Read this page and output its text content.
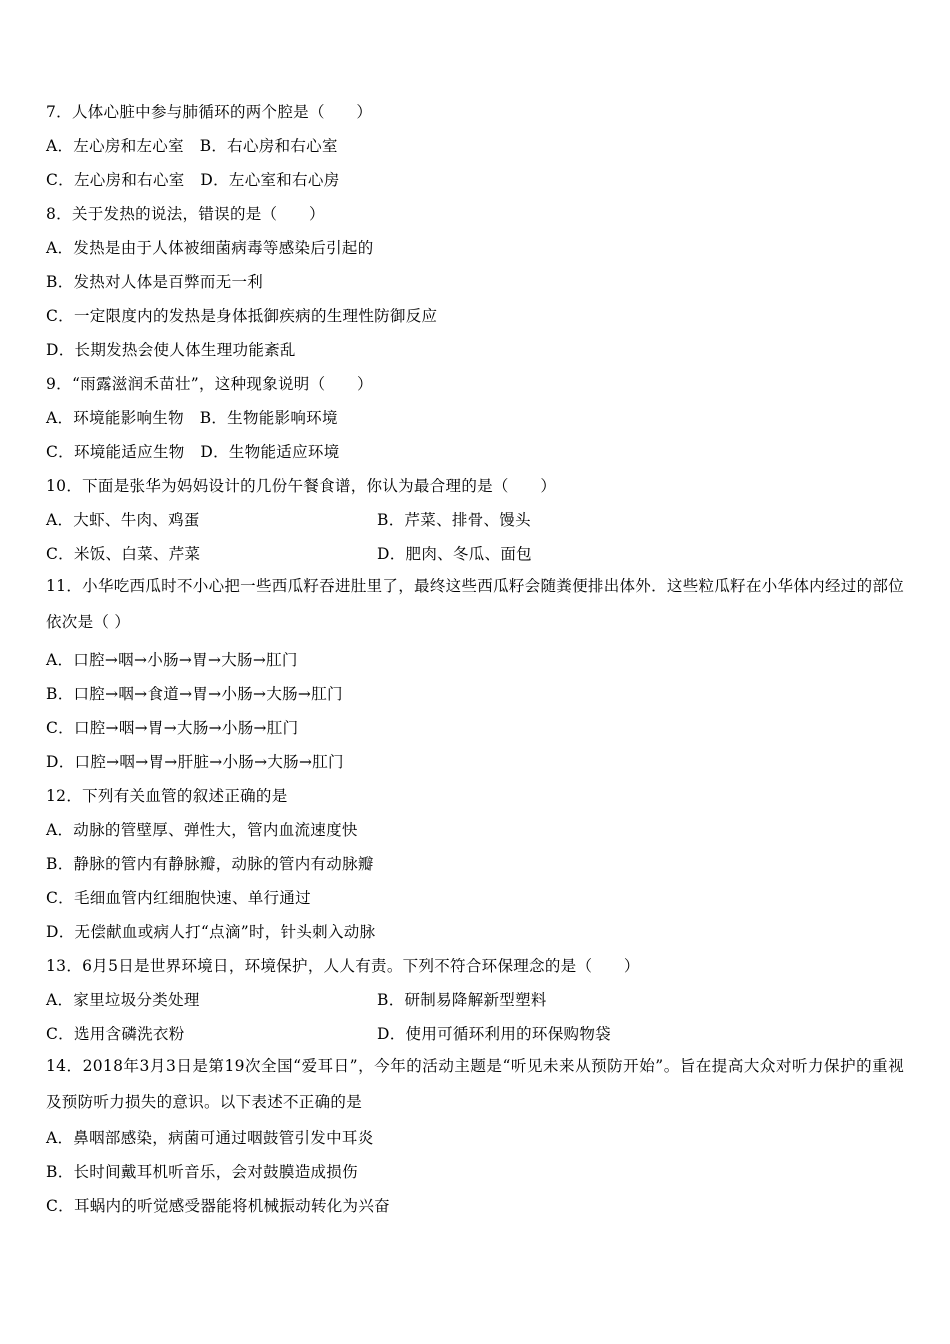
7．人体心脏中参与肺循环的两个腔是（　　）
A．左心房和左心室　B．右心房和右心室
C．左心房和右心室　D．左心室和右心房
8．关于发热的说法，错误的是（　　）
A．发热是由于人体被细菌病毒等感染后引起的
B．发热对人体是百弊而无一利
C．一定限度内的发热是身体抵御疾病的生理性防御反应
D．长期发热会使人体生理功能紊乱
9．“雨露滋润禾苗壮”，这种现象说明（　　）
A．环境能影响生物　B．生物能影响环境
C．环境能适应生物　D．生物能适应环境
10．下面是张华为妈妈设计的几份午餐食谱，你认为最合理的是（　　）
A．大虾、牛肉、鸡蛋	B．芹菜、排骨、馒头
C．米饭、白菜、芹菜	D．肥肉、冬瓜、面包
11．小华吃西瓜时不小心把一些西瓜籽吞进肚里了，最终这些西瓜籽会随粪便排出体外．这些粒瓜籽在小华体内经过的部位依次是（ ）
A．口腔→咽→小肠→胃→大肠→肛门
B．口腔→咽→食道→胃→小肠→大肠→肛门
C．口腔→咽→胃→大肠→小肠→肛门
D．口腔→咽→胃→肝脏→小肠→大肠→肛门
12．下列有关血管的叙述正确的是
A．动脉的管壁厚、弹性大，管内血流速度快
B．静脉的管内有静脉瓣，动脉的管内有动脉瓣
C．毛细血管内红细胞快速、单行通过
D．无偿献血或病人打“点滴”时，针头刺入动脉
13．6月5日是世界环境日，环境保护，人人有责。下列不符合环保理念的是（　　）
A．家里垃圾分类处理	B．研制易降解新型塑料
C．选用含磷洗衣粉	D．使用可循环利用的环保购物袋
14．2018年3月3日是第19次全国“爱耳日”，今年的活动主题是“听见未来从预防开始”。旨在提高大众对听力保护的重视及预防听力损失的意识。以下表述不正确的是
A．鼻咽部感染，病菌可通过咽鼓管引发中耳炎
B．长时间戴耳机听音乐，会对鼓膜造成损伤
C．耳蜗内的听觉感受器能将机械振动转化为兴奋
